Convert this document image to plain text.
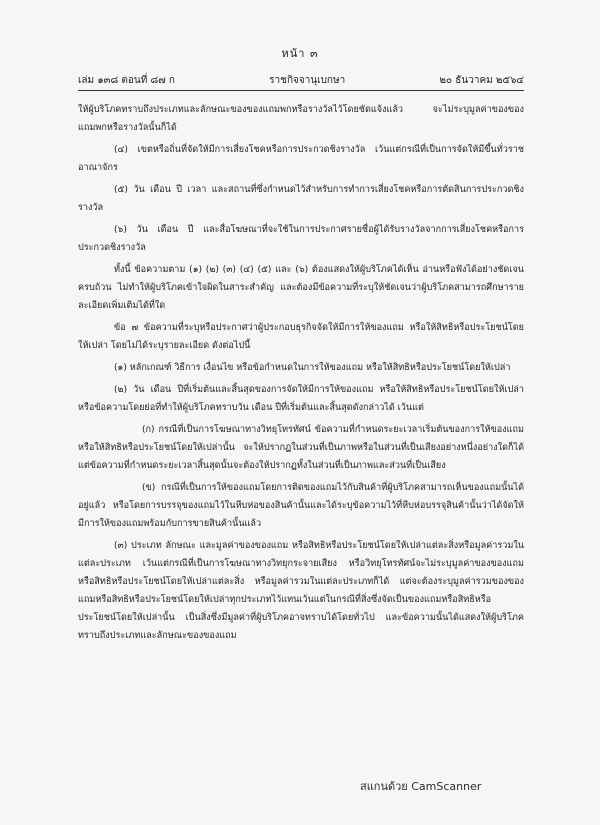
หน้า ๓
เล่ม ๑๓๘ ตอนที่ ๘๗ ก	ราชกิจจานุเบกษา	๒๐ ธันวาคม ๒๕๖๔

ให้ผู้บริโภคทราบถึงประเภทและลักษณะของของแถมพกหรือรางวัลไว้โดยชัดแจ้งแล้ว จะไม่ระบุมูลค่าของของแถมพกหรือรางวัลนั้นก็ได้

(๔) เขตหรือถิ่นที่จัดให้มีการเสี่ยงโชคหรือการประกวดชิงรางวัล เว้นแต่กรณีที่เป็นการจัดให้มีขึ้นทั่วราชอาณาจักร

(๕) วัน เดือน ปี เวลา และสถานที่ซึ่งกำหนดไว้สำหรับการทำการเสี่ยงโชคหรือการตัดสินการประกวดชิงรางวัล

(๖) วัน เดือน ปี และสื่อโฆษณาที่จะใช้ในการประกาศรายชื่อผู้ได้รับรางวัลจากการเสี่ยงโชคหรือการประกวดชิงรางวัล

ทั้งนี้ ข้อความตาม (๑) (๒) (๓) (๔) (๕) และ (๖) ต้องแสดงให้ผู้บริโภคได้เห็น อ่านหรือฟังได้อย่างชัดเจนครบถ้วน ไม่ทำให้ผู้บริโภคเข้าใจผิดในสาระสำคัญ และต้องมีข้อความที่ระบุให้ชัดเจนว่าผู้บริโภคสามารถศึกษารายละเอียดเพิ่มเติมได้ที่ใด

ข้อ ๗ ข้อความที่ระบุหรือประกาศว่าผู้ประกอบธุรกิจจัดให้มีการให้ของแถม หรือให้สิทธิหรือประโยชน์โดยให้เปล่า โดยไม่ได้ระบุรายละเอียด ดังต่อไปนี้

(๑) หลักเกณฑ์ วิธีการ เงื่อนไข หรือข้อกำหนดในการให้ของแถม หรือให้สิทธิหรือประโยชน์โดยให้เปล่า

(๒) วัน เดือน ปีที่เริ่มต้นและสิ้นสุดของการจัดให้มีการให้ของแถม หรือให้สิทธิหรือประโยชน์โดยให้เปล่า หรือข้อความโดยย่อที่ทำให้ผู้บริโภคทราบวัน เดือน ปีที่เริ่มต้นและสิ้นสุดดังกล่าวได้ เว้นแต่

(ก) กรณีที่เป็นการโฆษณาทางวิทยุโทรทัศน์ ข้อความที่กำหนดระยะเวลาเริ่มต้นของการให้ของแถม หรือให้สิทธิหรือประโยชน์โดยให้เปล่านั้น จะให้ปรากฏในส่วนที่เป็นภาพหรือในส่วนที่เป็นเสียงอย่างหนึ่งอย่างใดก็ได้ แต่ข้อความที่กำหนดระยะเวลาสิ้นสุดนั้นจะต้องให้ปรากฏทั้งในส่วนที่เป็นภาพและส่วนที่เป็นเสียง

(ข) กรณีที่เป็นการให้ของแถมโดยการติดของแถมไว้กับสินค้าที่ผู้บริโภคสามารถเห็นของแถมนั้นได้อยู่แล้ว หรือโดยการบรรจุของแถมไว้ในหีบห่อของสินค้านั้นและได้ระบุข้อความไว้ที่หีบห่อบรรจุสินค้านั้นว่าได้จัดให้มีการให้ของแถมพร้อมกับการขายสินค้านั้นแล้ว

(๓) ประเภท ลักษณะ และมูลค่าของของแถม หรือสิทธิหรือประโยชน์โดยให้เปล่าแต่ละสิ่งหรือมูลค่ารวมในแต่ละประเภท เว้นแต่กรณีที่เป็นการโฆษณาทางวิทยุกระจายเสียง หรือวิทยุโทรทัศน์จะไม่ระบุมูลค่าของของแถม หรือสิทธิหรือประโยชน์โดยให้เปล่าแต่ละสิ่ง หรือมูลค่ารวมในแต่ละประเภทก็ได้ แต่จะต้องระบุมูลค่ารวมของของแถมหรือสิทธิหรือประโยชน์โดยให้เปล่าทุกประเภทไว้แทนเว้นแต่ในกรณีที่สิ่งซึ่งจัดเป็นของแถมหรือสิทธิหรือประโยชน์โดยให้เปล่านั้น เป็นสิ่งซึ่งมีมูลค่าที่ผู้บริโภคอาจทราบได้โดยทั่วไป และข้อความนั้นได้แสดงให้ผู้บริโภคทราบถึงประเภทและลักษณะของของแถม

สแกนด้วย CamScanner
